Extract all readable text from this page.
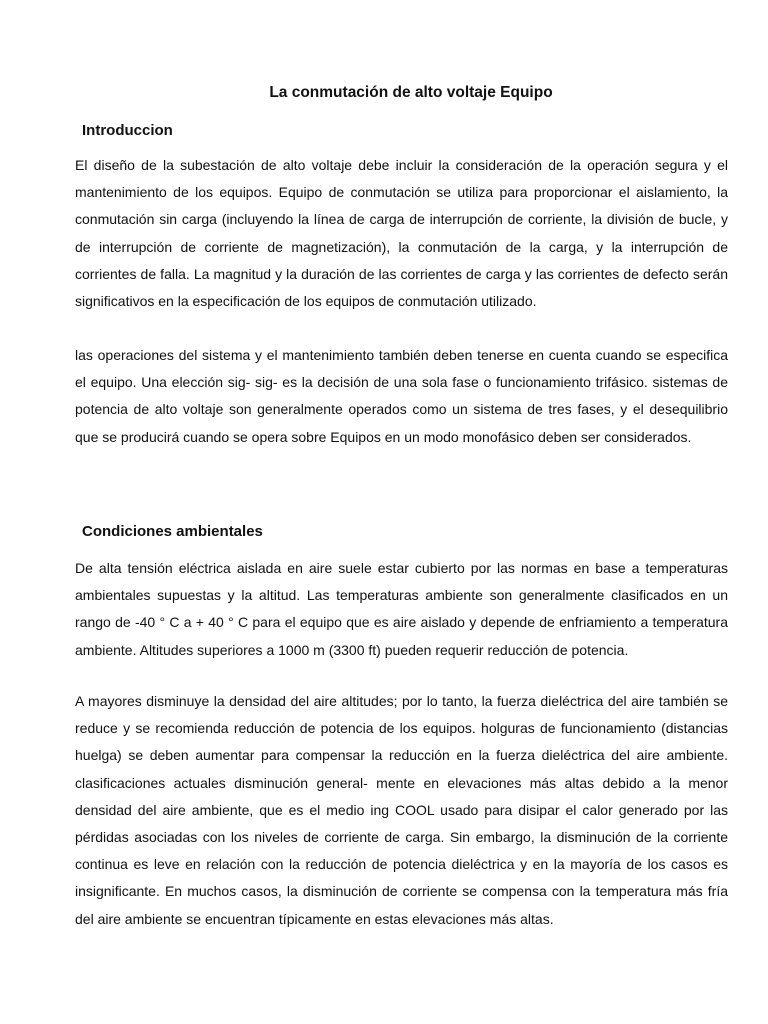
La conmutación de alto voltaje Equipo
Introduccion

El diseño de la subestación de alto voltaje debe incluir la consideración de la operación segura y el mantenimiento de los equipos. Equipo de conmutación se utiliza para proporcionar el aislamiento, la conmutación sin carga (incluyendo la línea de carga de interrupción de corriente, la división de bucle, y de interrupción de corriente de magnetización), la conmutación de la carga, y la interrupción de corrientes de falla. La magnitud y la duración de las corrientes de carga y las corrientes de defecto serán significativos en la especificación de los equipos de conmutación utilizado.

las operaciones del sistema y el mantenimiento también deben tenerse en cuenta cuando se especifica el equipo. Una elección sig- sig- es la decisión de una sola fase o funcionamiento trifásico. sistemas de potencia de alto voltaje son generalmente operados como un sistema de tres fases, y el desequilibrio que se producirá cuando se opera sobre Equipos en un modo monofásico deben ser considerados.

Condiciones ambientales

De alta tensión eléctrica aislada en aire suele estar cubierto por las normas en base a temperaturas ambientales supuestas y la altitud. Las temperaturas ambiente son generalmente clasificados en un rango de -40 ° C a + 40 ° C para el equipo que es aire aislado y depende de enfriamiento a temperatura ambiente. Altitudes superiores a 1000 m (3300 ft) pueden requerir reducción de potencia.

A mayores disminuye la densidad del aire altitudes; por lo tanto, la fuerza dieléctrica del aire también se reduce y se recomienda reducción de potencia de los equipos. holguras de funcionamiento (distancias huelga) se deben aumentar para compensar la reducción en la fuerza dieléctrica del aire ambiente. clasificaciones actuales disminución general- mente en elevaciones más altas debido a la menor densidad del aire ambiente, que es el medio ing COOL usado para disipar el calor generado por las pérdidas asociadas con los niveles de corriente de carga. Sin embargo, la disminución de la corriente continua es leve en relación con la reducción de potencia dieléctrica y en la mayoría de los casos es insignificante. En muchos casos, la disminución de corriente se compensa con la temperatura más fría del aire ambiente se encuentran típicamente en estas elevaciones más altas.
